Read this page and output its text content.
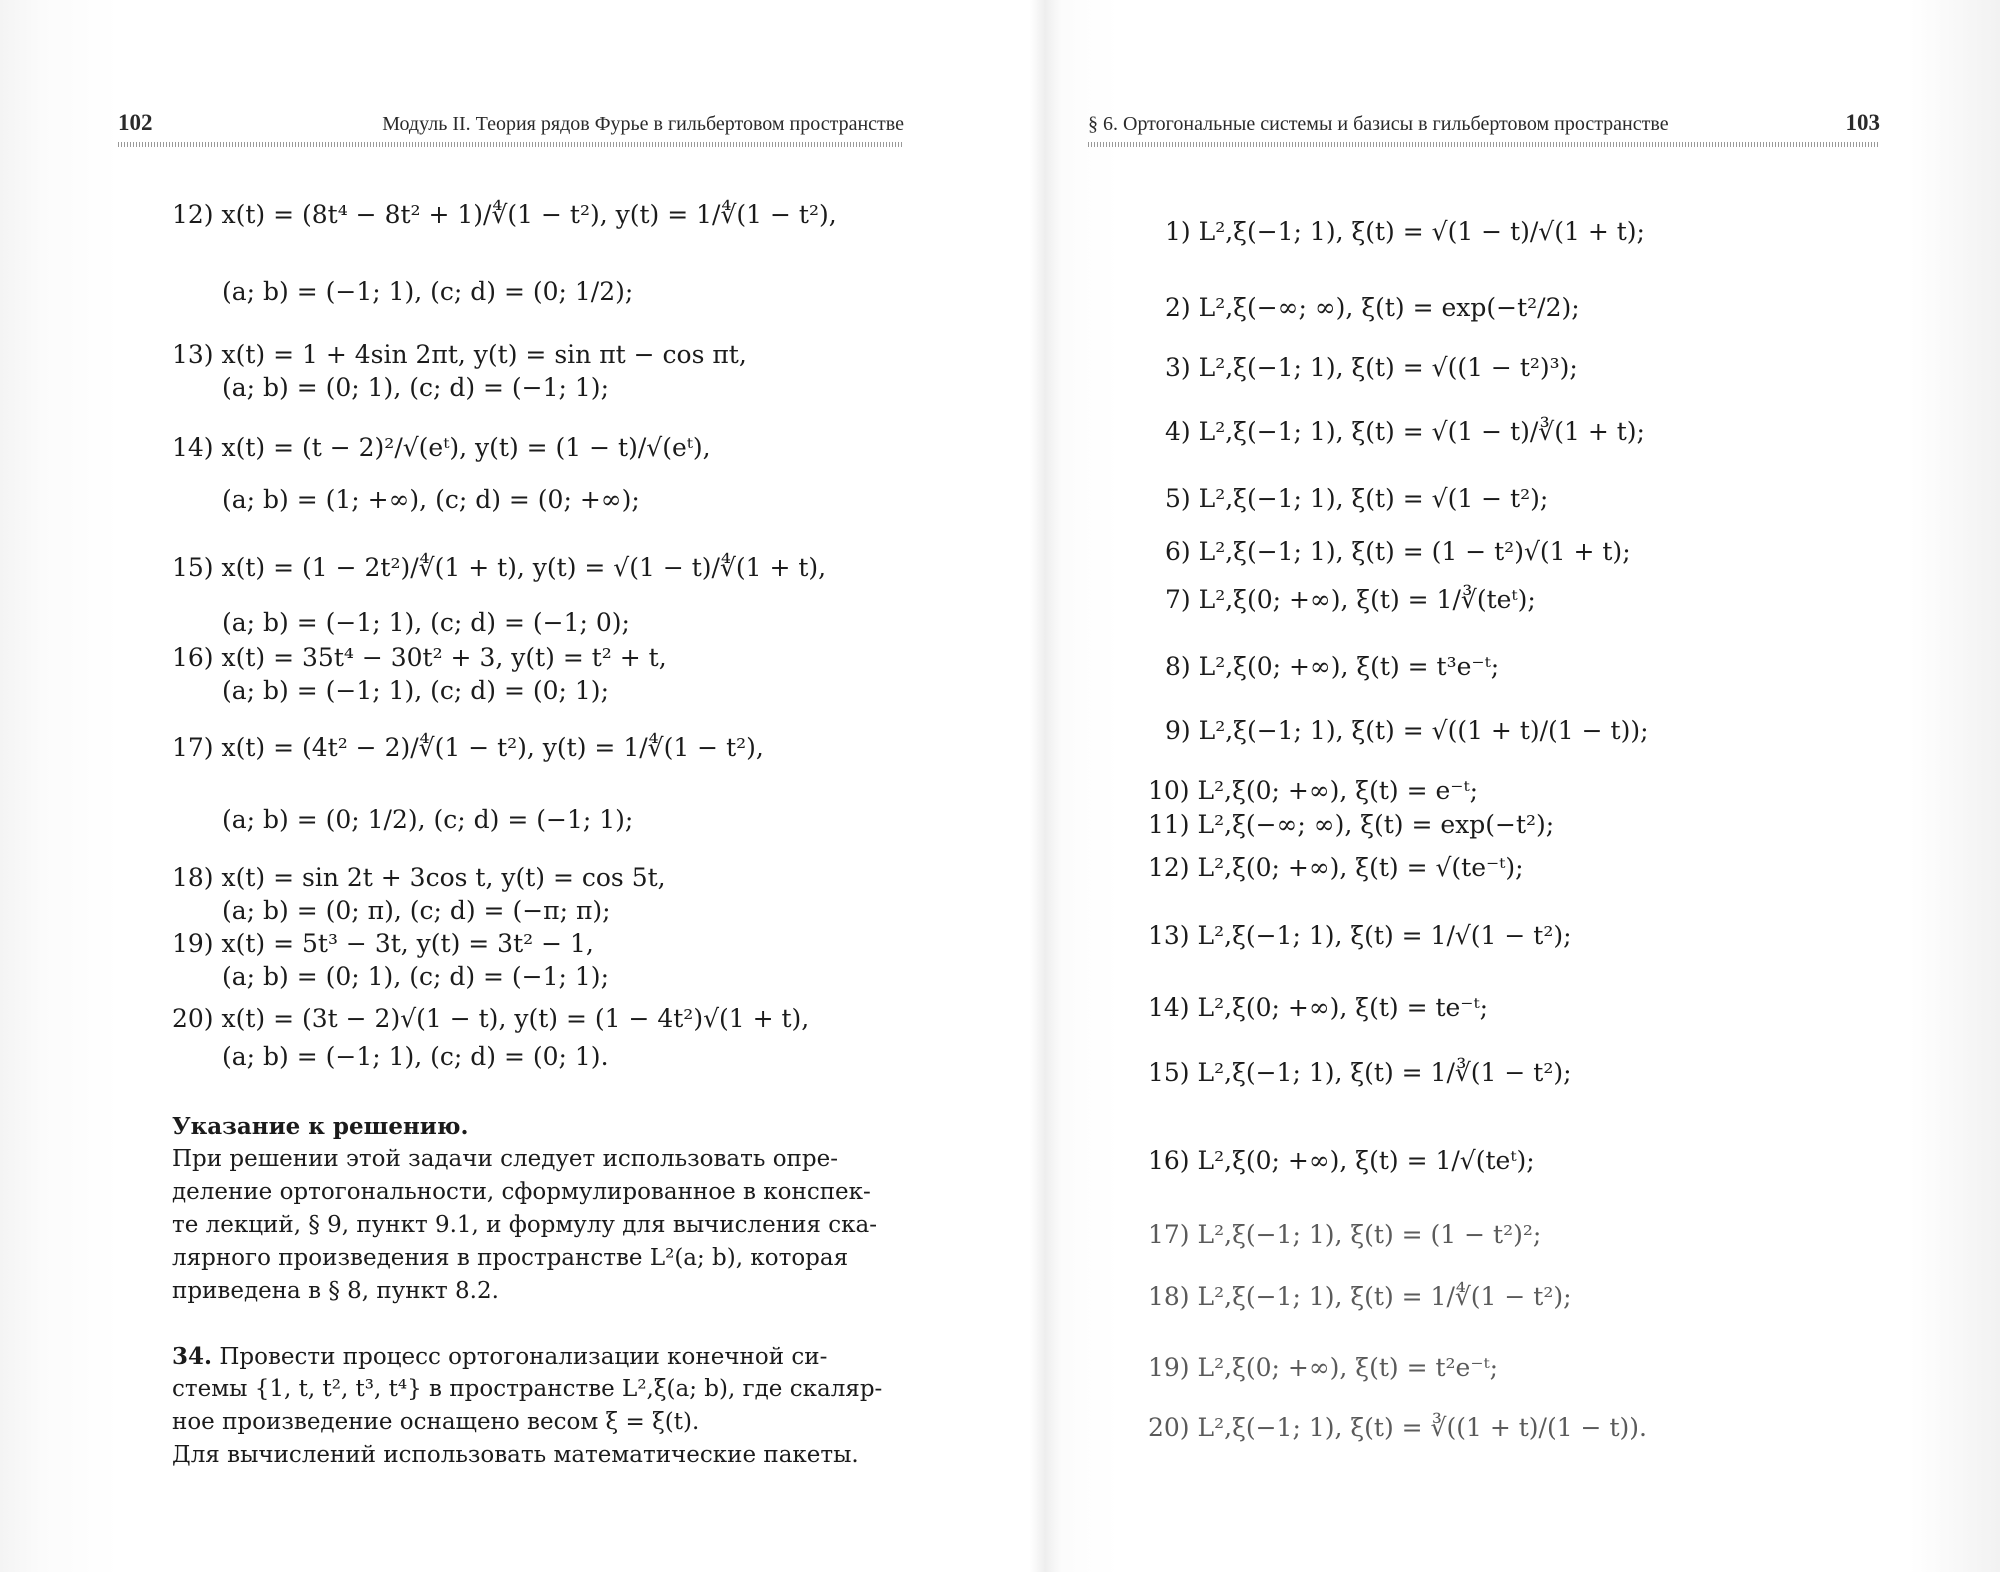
102	Модуль II. Теория рядов Фурье в гильбертовом пространстве
12) x(t) = (8t⁴ − 8t² + 1)/∜(1 − t²), y(t) = 1/∜(1 − t²),
(a; b) = (−1; 1), (c; d) = (0; 1/2);
13) x(t) = 1 + 4sin 2πt, y(t) = sin πt − cos πt,
(a; b) = (0; 1), (c; d) = (−1; 1);
14) x(t) = (t − 2)²/√(eᵗ), y(t) = (1 − t)/√(eᵗ),
(a; b) = (1; +∞), (c; d) = (0; +∞);
15) x(t) = (1 − 2t²)/∜(1 + t), y(t) = √(1 − t)/∜(1 + t),
(a; b) = (−1; 1), (c; d) = (−1; 0);
16) x(t) = 35t⁴ − 30t² + 3, y(t) = t² + t,
(a; b) = (−1; 1), (c; d) = (0; 1);
17) x(t) = (4t² − 2)/∜(1 − t²), y(t) = 1/∜(1 − t²),
(a; b) = (0; 1/2), (c; d) = (−1; 1);
18) x(t) = sin 2t + 3cos t, y(t) = cos 5t,
(a; b) = (0; π), (c; d) = (−π; π);
19) x(t) = 5t³ − 3t, y(t) = 3t² − 1,
(a; b) = (0; 1), (c; d) = (−1; 1);
20) x(t) = (3t − 2)√(1 − t), y(t) = (1 − 4t²)√(1 + t),
(a; b) = (−1; 1), (c; d) = (0; 1).
Указание к решению.
При решении этой задачи следует использовать опре-
деление ортогональности, сформулированное в конспек-
те лекций, § 9, пункт 9.1, и формулу для вычисления ска-
лярного произведения в пространстве L²(a; b), которая
приведена в § 8, пункт 8.2.
34. Провести процесс ортогонализации конечной си-
стемы {1, t, t², t³, t⁴} в пространстве L²,ξ(a; b), где скаляр-
ное произведение оснащено весом ξ = ξ(t).
Для вычислений использовать математические пакеты.
§ 6. Ортогональные системы и базисы в гильбертовом пространстве	103
1) L²,ξ(−1; 1), ξ(t) = √(1 − t)/√(1 + t);
2) L²,ξ(−∞; ∞), ξ(t) = exp(−t²/2);
3) L²,ξ(−1; 1), ξ(t) = √((1 − t²)³);
4) L²,ξ(−1; 1), ξ(t) = √(1 − t)/∛(1 + t);
5) L²,ξ(−1; 1), ξ(t) = √(1 − t²);
6) L²,ξ(−1; 1), ξ(t) = (1 − t²)√(1 + t);
7) L²,ξ(0; +∞), ξ(t) = 1/∛(teᵗ);
8) L²,ξ(0; +∞), ξ(t) = t³e⁻ᵗ;
9) L²,ξ(−1; 1), ξ(t) = √((1 + t)/(1 − t));
10) L²,ξ(0; +∞), ξ(t) = e⁻ᵗ;
11) L²,ξ(−∞; ∞), ξ(t) = exp(−t²);
12) L²,ξ(0; +∞), ξ(t) = √(te⁻ᵗ);
13) L²,ξ(−1; 1), ξ(t) = 1/√(1 − t²);
14) L²,ξ(0; +∞), ξ(t) = te⁻ᵗ;
15) L²,ξ(−1; 1), ξ(t) = 1/∛(1 − t²);
16) L²,ξ(0; +∞), ξ(t) = 1/√(teᵗ);
17) L²,ξ(−1; 1), ξ(t) = (1 − t²)²;
18) L²,ξ(−1; 1), ξ(t) = 1/∜(1 − t²);
19) L²,ξ(0; +∞), ξ(t) = t²e⁻ᵗ;
20) L²,ξ(−1; 1), ξ(t) = ∛((1 + t)/(1 − t)).
